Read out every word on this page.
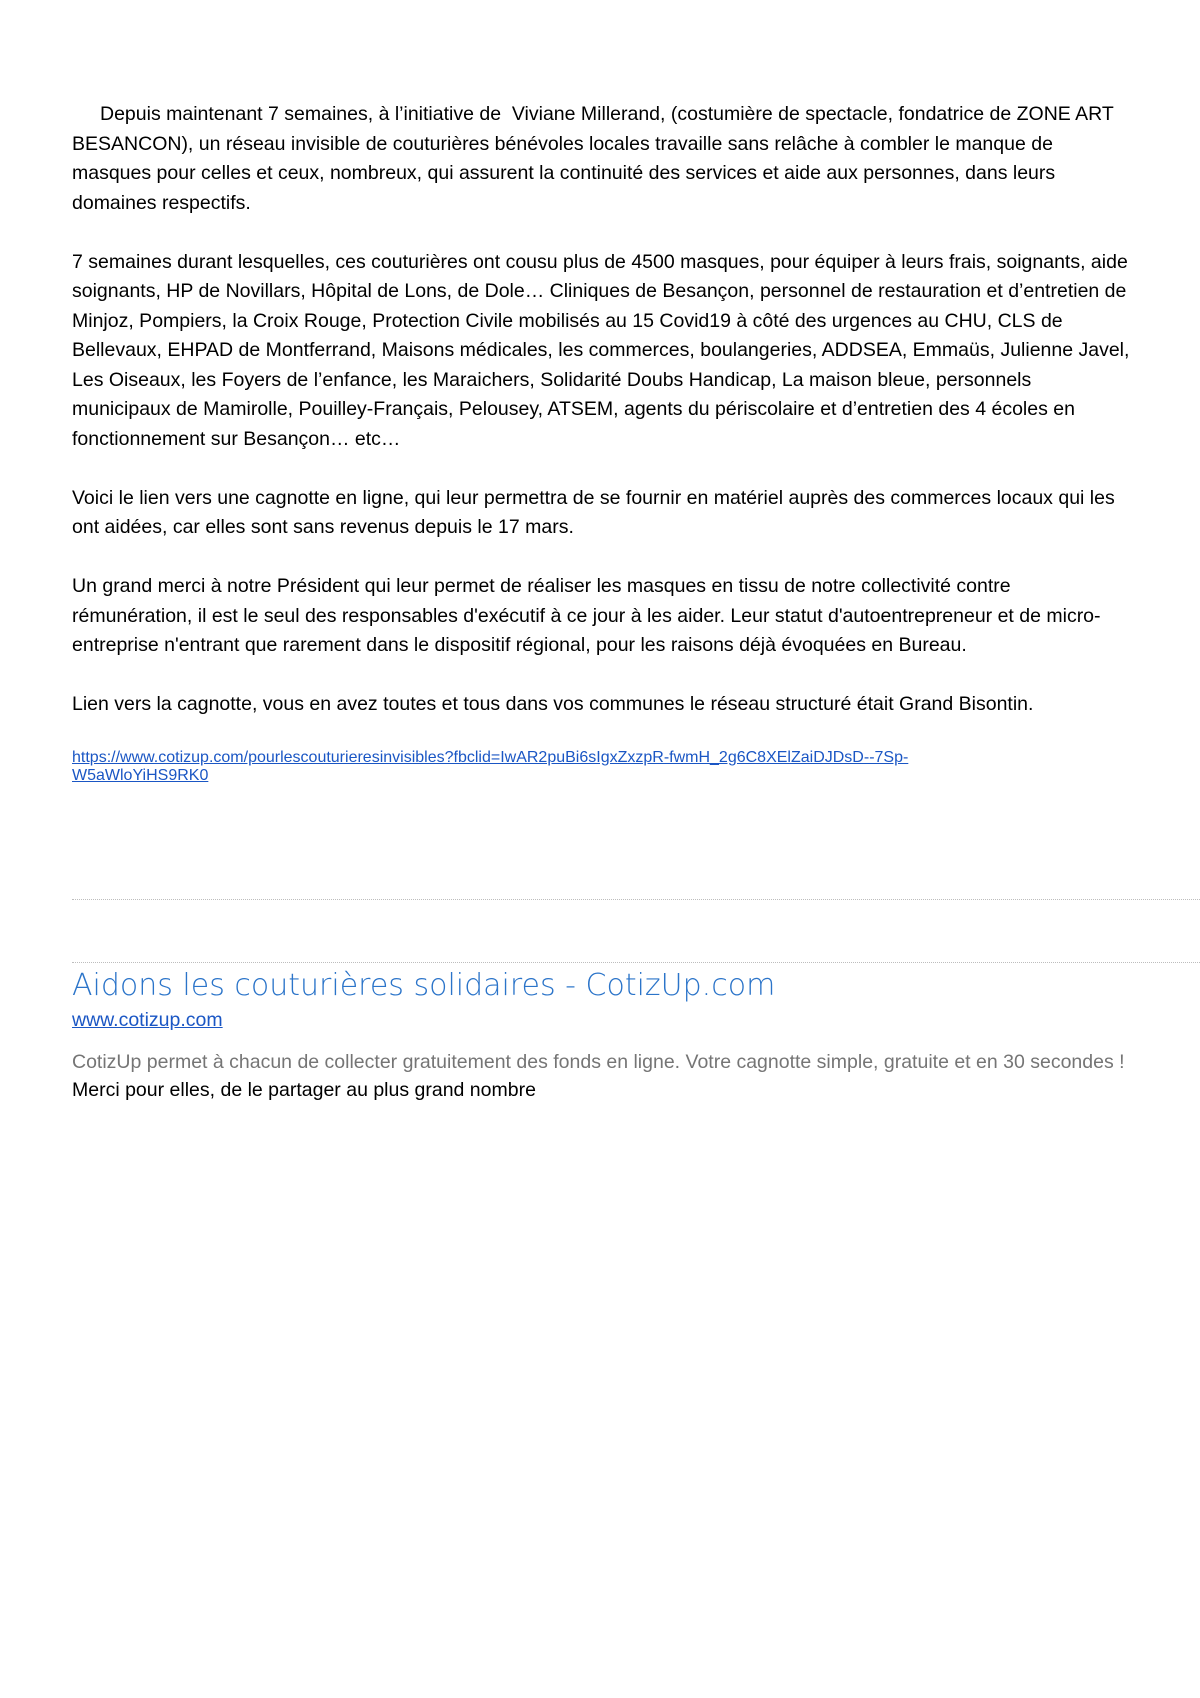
Depuis maintenant 7 semaines, à l’initiative de  Viviane Millerand, (costumière de spectacle, fondatrice de ZONE ART BESANCON), un réseau invisible de couturières bénévoles locales travaille sans relâche à combler le manque de masques pour celles et ceux, nombreux, qui assurent la continuité des services et aide aux personnes, dans leurs domaines respectifs.

7 semaines durant lesquelles, ces couturières ont cousu plus de 4500 masques, pour équiper à leurs frais, soignants, aide soignants, HP de Novillars, Hôpital de Lons, de Dole… Cliniques de Besançon, personnel de restauration et d’entretien de Minjoz, Pompiers, la Croix Rouge, Protection Civile mobilisés au 15 Covid19 à côté des urgences au CHU, CLS de Bellevaux, EHPAD de Montferrand, Maisons médicales, les commerces, boulangeries, ADDSEA, Emmaüs, Julienne Javel, Les Oiseaux, les Foyers de l’enfance, les Maraichers, Solidarité Doubs Handicap, La maison bleue, personnels municipaux de Mamirolle, Pouilley-Français, Pelousey, ATSEM, agents du périscolaire et d’entretien des 4 écoles en fonctionnement sur Besançon… etc…

Voici le lien vers une cagnotte en ligne, qui leur permettra de se fournir en matériel auprès des commerces locaux qui les ont aidées, car elles sont sans revenus depuis le 17 mars.

Un grand merci à notre Président qui leur permet de réaliser les masques en tissu de notre collectivité contre rémunération, il est le seul des responsables d'exécutif à ce jour à les aider. Leur statut d'autoentrepreneur et de micro-entreprise n'entrant que rarement dans le dispositif régional, pour les raisons déjà évoquées en Bureau.

Lien vers la cagnotte, vous en avez toutes et tous dans vos communes le réseau structuré était Grand Bisontin.

https://www.cotizup.com/pourlescouturieresinvisibles?fbclid=IwAR2puBi6sIgxZxzpR-fwmH_2g6C8XElZaiDJDsD--7Sp-W5aWloYiHS9RK0
Aidons les couturières solidaires - CotizUp.com
www.cotizup.com
CotizUp permet à chacun de collecter gratuitement des fonds en ligne. Votre cagnotte simple, gratuite et en 30 secondes !
Merci pour elles, de le partager au plus grand nombre
